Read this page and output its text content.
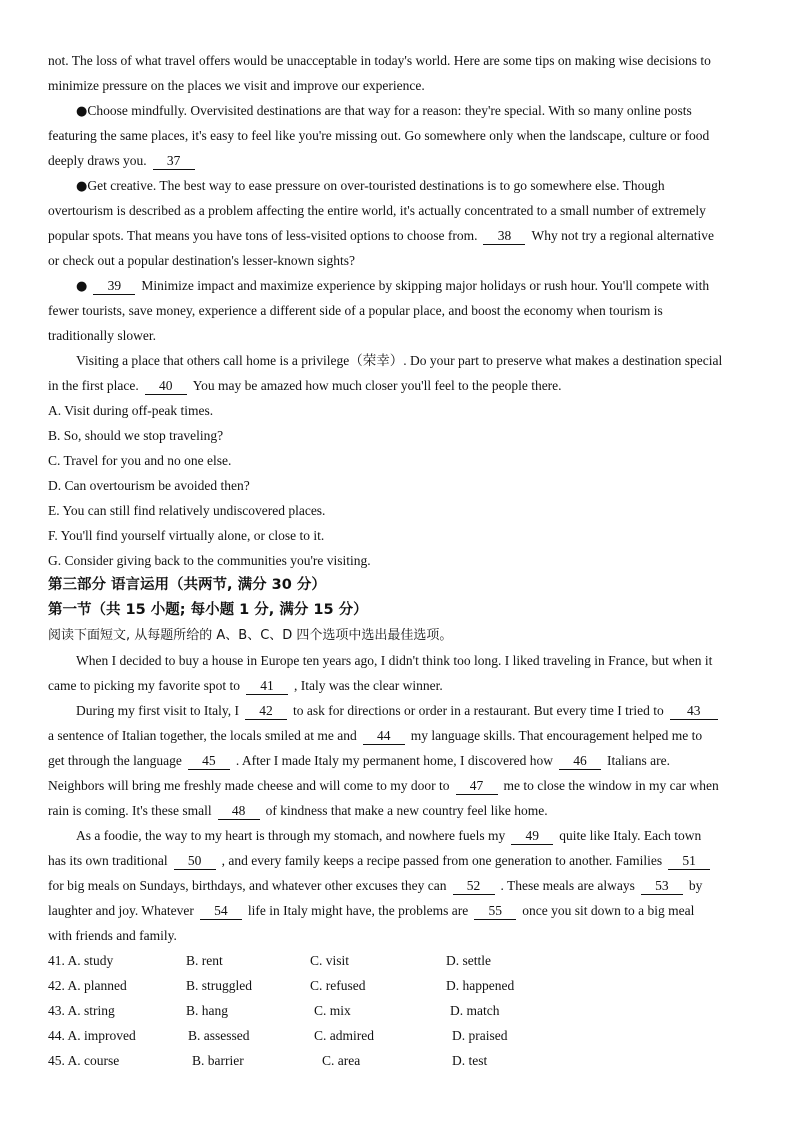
not. The loss of what travel offers would be unacceptable in today's world. Here are some tips on making wise decisions to
minimize pressure on the places we visit and improve our experience.
●Choose mindfully. Overvisited destinations are that way for a reason: they're special. With so many online posts
featuring the same places, it's easy to feel like you're missing out. Go somewhere only when the landscape, culture or food
deeply draws you. 37
●Get creative. The best way to ease pressure on over-touristed destinations is to go somewhere else. Though
overtourism is described as a problem affecting the entire world, it's actually concentrated to a small number of extremely
popular spots. That means you have tons of less-visited options to choose from. 38 Why not try a regional alternative
or check out a popular destination's lesser-known sights?
● 39 Minimize impact and maximize experience by skipping major holidays or rush hour. You'll compete with
fewer tourists, save money, experience a different side of a popular place, and boost the economy when tourism is
traditionally slower.
Visiting a place that others call home is a privilege（荣幸）. Do your part to preserve what makes a destination special
in the first place. 40 You may be amazed how much closer you'll feel to the people there.
A. Visit during off-peak times.
B. So, should we stop traveling?
C. Travel for you and no one else.
D. Can overtourism be avoided then?
E. You can still find relatively undiscovered places.
F. You'll find yourself virtually alone, or close to it.
G. Consider giving back to the communities you're visiting.
第三部分 语言运用（共两节, 满分 30 分）
第一节（共 15 小题; 每小题 1 分, 满分 15 分）
阅读下面短文, 从每题所给的 A、B、C、D 四个选项中选出最佳选项。
When I decided to buy a house in Europe ten years ago, I didn't think too long. I liked traveling in France, but when it
came to picking my favorite spot to 41 , Italy was the clear winner.
During my first visit to Italy, I 42 to ask for directions or order in a restaurant. But every time I tried to 43
a sentence of Italian together, the locals smiled at me and 44 my language skills. That encouragement helped me to
get through the language 45 . After I made Italy my permanent home, I discovered how 46 Italians are.
Neighbors will bring me freshly made cheese and will come to my door to 47 me to close the window in my car when
rain is coming. It's these small 48 of kindness that make a new country feel like home.
As a foodie, the way to my heart is through my stomach, and nowhere fuels my 49 quite like Italy. Each town
has its own traditional 50 , and every family keeps a recipe passed from one generation to another. Families 51
for big meals on Sundays, birthdays, and whatever other excuses they can 52 . These meals are always 53 by
laughter and joy. Whatever 54 life in Italy might have, the problems are 55 once you sit down to a big meal
with friends and family.
41. A. study	B. rent	C. visit	D. settle
42. A. planned	B. struggled	C. refused	D. happened
43. A. string	B. hang	C. mix	D. match
44. A. improved	B. assessed	C. admired	D. praised
45. A. course	B. barrier	C. area	D. test
